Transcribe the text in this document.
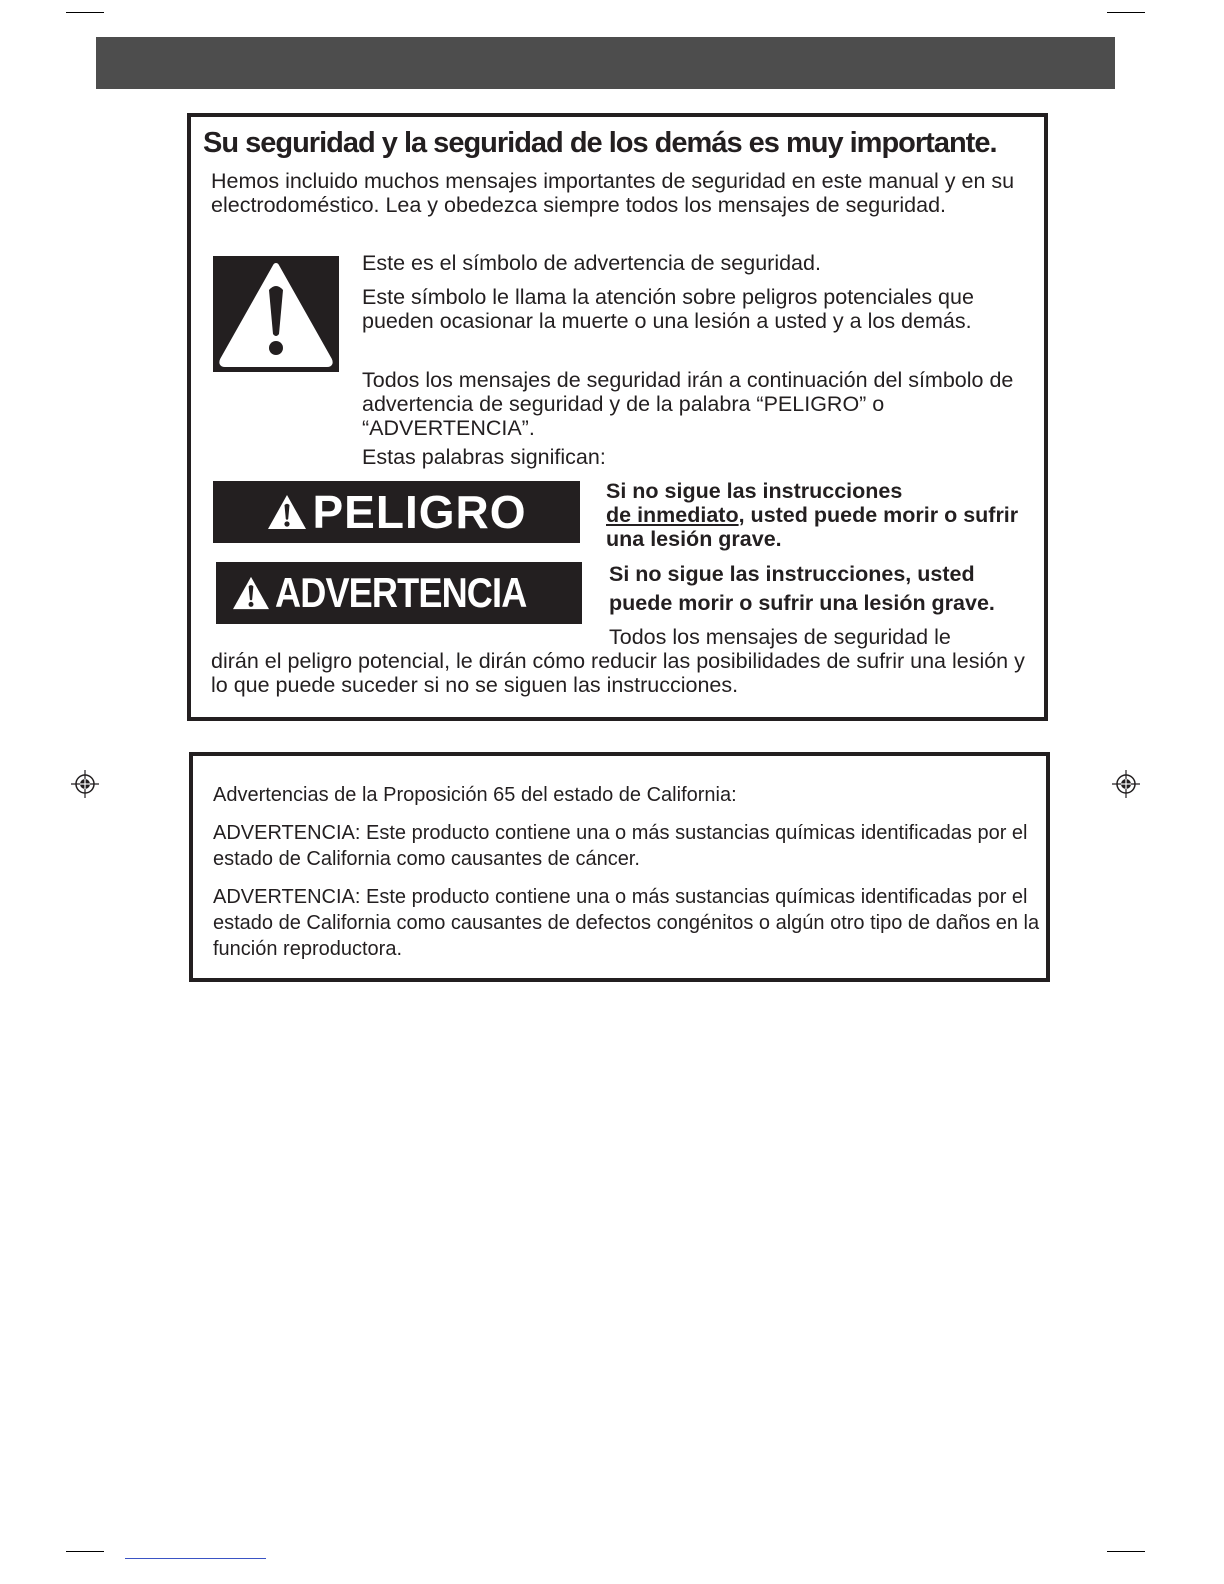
Su seguridad y la seguridad de los demás es muy importante.

Hemos incluido muchos mensajes importantes de seguridad en este manual y en su electrodoméstico. Lea y obedezca siempre todos los mensajes de seguridad.

Este es el símbolo de advertencia de seguridad.

Este símbolo le llama la atención sobre peligros potenciales que pueden ocasionar la muerte o una lesión a usted y a los demás.

Todos los mensajes de seguridad irán a continuación del símbolo de advertencia de seguridad y de la palabra “PELIGRO” o “ADVERTENCIA”.

Estas palabras significan:

PELIGRO	Si no sigue las instrucciones
de inmediato, usted puede morir o sufrir una lesión grave.

ADVERTENCIA	Si no sigue las instrucciones, usted puede morir o sufrir una lesión grave.

Todos los mensajes de seguridad le

dirán el peligro potencial, le dirán cómo reducir las posibilidades de sufrir una lesión y lo que puede suceder si no se siguen las instrucciones.

Advertencias de la Proposición 65 del estado de California:

ADVERTENCIA: Este producto contiene una o más sustancias químicas identificadas por el estado de California como causantes de cáncer.

ADVERTENCIA: Este producto contiene una o más sustancias químicas identificadas por el estado de California como causantes de defectos congénitos o algún otro tipo de daños en la función reproductora.
